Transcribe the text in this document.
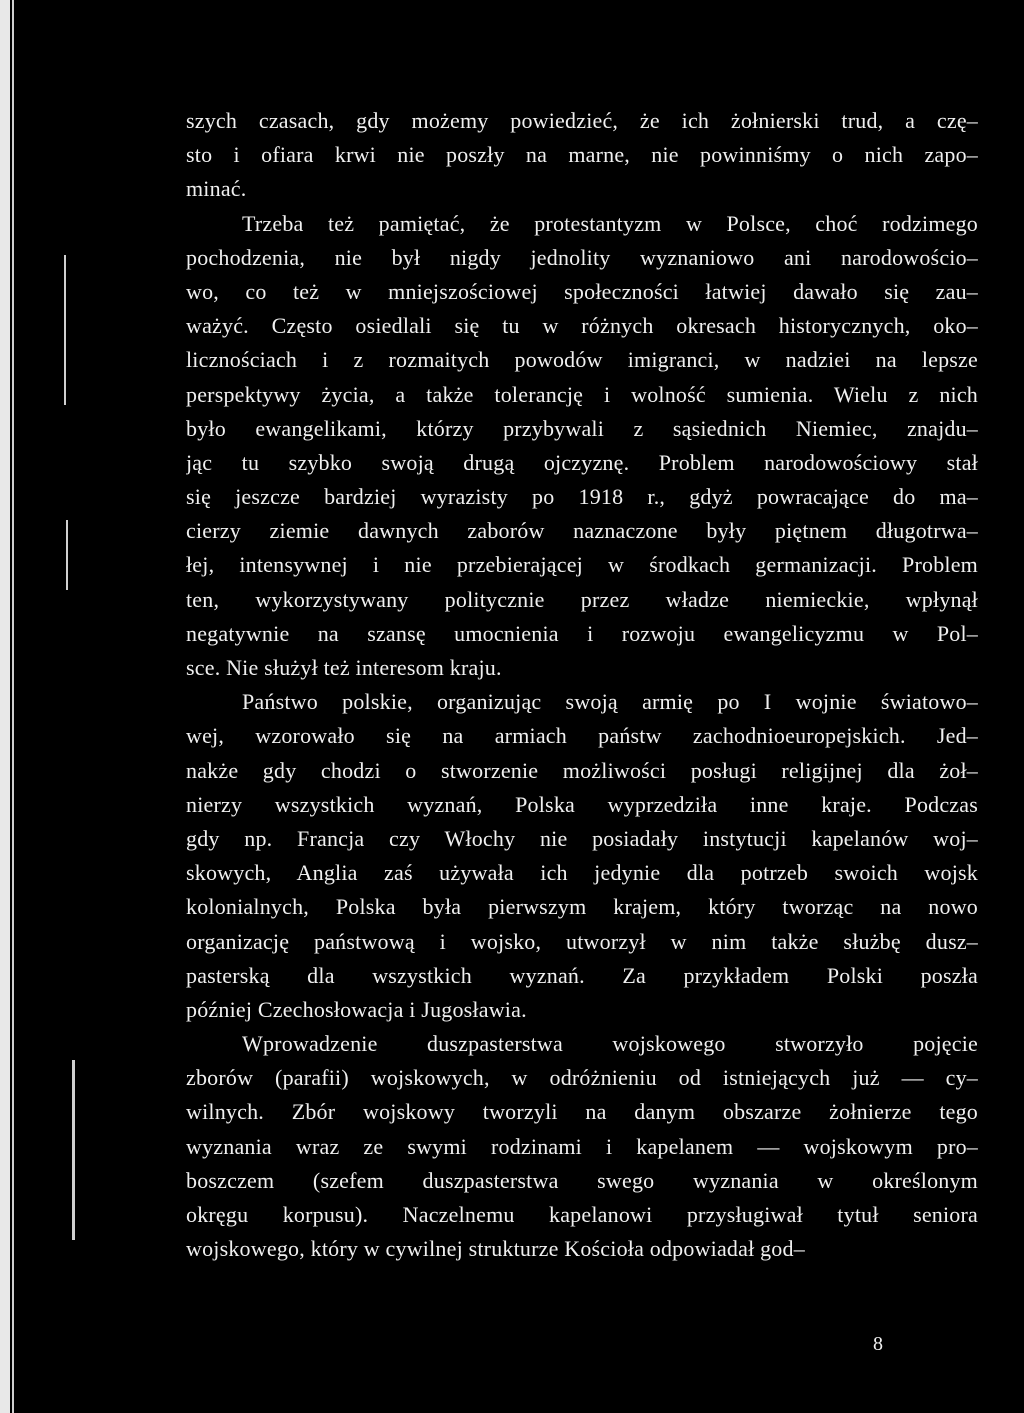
szych czasach, gdy możemy powiedzieć, że ich żołnierski trud, a czę–
sto i ofiara krwi nie poszły na marne, nie powinniśmy o nich zapo–
minać.
Trzeba też pamiętać, że protestantyzm w Polsce, choć rodzimego
pochodzenia, nie był nigdy jednolity wyznaniowo ani narodowościo–
wo, co też w mniejszościowej społeczności łatwiej dawało się zau–
ważyć. Często osiedlali się tu w różnych okresach historycznych, oko–
licznościach i z rozmaitych powodów imigranci, w nadziei na lepsze
perspektywy życia, a także tolerancję i wolność sumienia. Wielu z nich
było ewangelikami, którzy przybywali z sąsiednich Niemiec, znajdu–
jąc tu szybko swoją drugą ojczyznę. Problem narodowościowy stał
się jeszcze bardziej wyrazisty po 1918 r., gdyż powracające do ma–
cierzy ziemie dawnych zaborów naznaczone były piętnem długotrwa–
łej, intensywnej i nie przebierającej w środkach germanizacji. Problem
ten, wykorzystywany politycznie przez władze niemieckie, wpłynął
negatywnie na szansę umocnienia i rozwoju ewangelicyzmu w Pol–
sce. Nie służył też interesom kraju.
Państwo polskie, organizując swoją armię po I wojnie światowo–
wej, wzorowało się na armiach państw zachodnioeuropejskich. Jed–
nakże gdy chodzi o stworzenie możliwości posługi religijnej dla żoł–
nierzy wszystkich wyznań, Polska wyprzedziła inne kraje. Podczas
gdy np. Francja czy Włochy nie posiadały instytucji kapelanów woj–
skowych, Anglia zaś używała ich jedynie dla potrzeb swoich wojsk
kolonialnych, Polska była pierwszym krajem, który tworząc na nowo
organizację państwową i wojsko, utworzył w nim także służbę dusz–
pasterską dla wszystkich wyznań. Za przykładem Polski poszła
później Czechosłowacja i Jugosławia.
Wprowadzenie duszpasterstwa wojskowego stworzyło pojęcie
zborów (parafii) wojskowych, w odróżnieniu od istniejących już — cy–
wilnych. Zbór wojskowy tworzyli na danym obszarze żołnierze tego
wyznania wraz ze swymi rodzinami i kapelanem — wojskowym pro–
boszczem (szefem duszpasterstwa swego wyznania w określonym
okręgu korpusu). Naczelnemu kapelanowi przysługiwał tytuł seniora
wojskowego, który w cywilnej strukturze Kościoła odpowiadał god–
8
